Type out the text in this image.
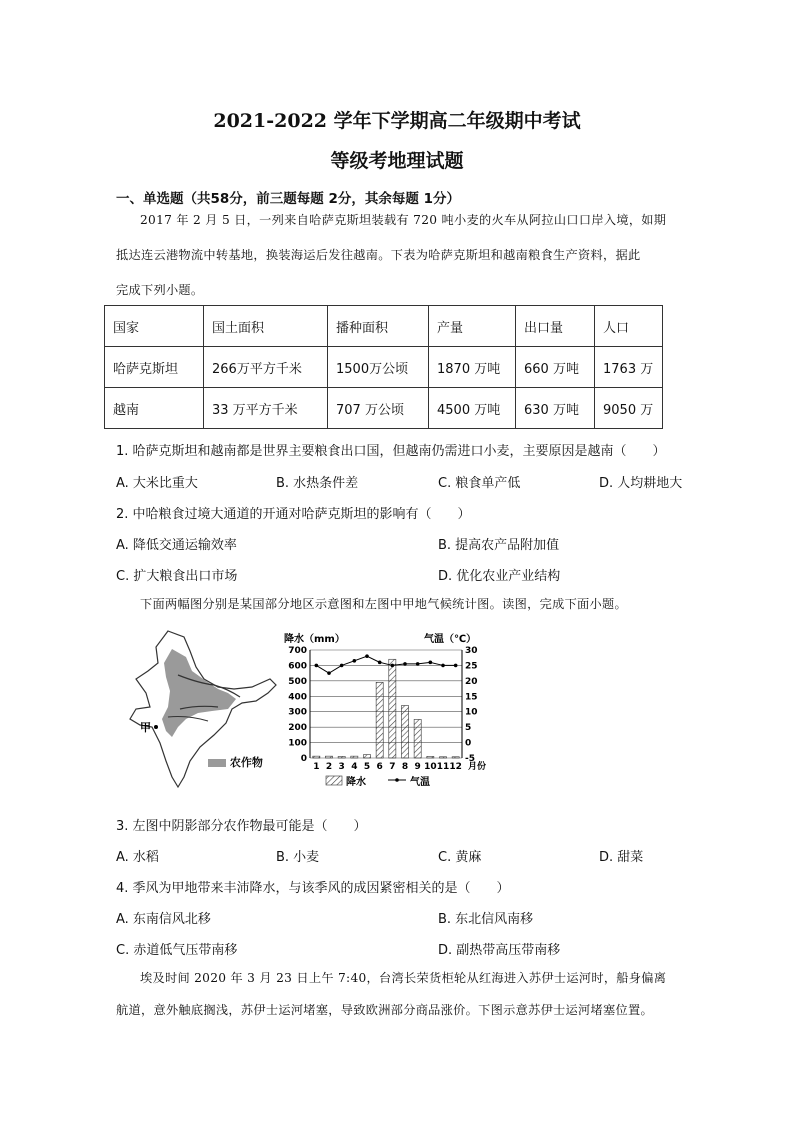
2021-2022 学年下学期高二年级期中考试
等级考地理试题
一、单选题（共58分，前三题每题 2分，其余每题 1分）
2017 年 2 月 5 日，一列来自哈萨克斯坦装载有 720 吨小麦的火车从阿拉山口口岸入境，如期
抵达连云港物流中转基地，换装海运后发往越南。下表为哈萨克斯坦和越南粮食生产资料，据此
完成下列小题。
国家	国土面积	播种面积	产量	出口量	人口
哈萨克斯坦	266万平方千米	1500万公顷	1870 万吨	660 万吨	1763 万
越南	33 万平方千米	707 万公顷	4500 万吨	630 万吨	9050 万
1. 哈萨克斯坦和越南都是世界主要粮食出口国，但越南仍需进口小麦，主要原因是越南（　　）
A. 大米比重大	B. 水热条件差	C. 粮食单产低	D. 人均耕地大
2. 中哈粮食过境大通道的开通对哈萨克斯坦的影响有（　　）
A. 降低交通运输效率	B. 提高农产品附加值
C. 扩大粮食出口市场	D. 优化农业产业结构
下面两幅图分别是某国部分地区示意图和左图中甲地气候统计图。读图，完成下面小题。
甲
农作物
降水（mm）	气温（℃）
0
100
200
300
400
500
600
700
-5
0
5
10
15
20
25
30
1 2 3 4 5 6 7 8 9 10 11 12 月份
降水	气温
3. 左图中阴影部分农作物最可能是（　　）
A. 水稻	B. 小麦	C. 黄麻	D. 甜菜
4. 季风为甲地带来丰沛降水，与该季风的成因紧密相关的是（　　）
A. 东南信风北移	B. 东北信风南移
C. 赤道低气压带南移	D. 副热带高压带南移
埃及时间 2020 年 3 月 23 日上午 7:40，台湾长荣货柜轮从红海进入苏伊士运河时，船身偏离
航道，意外触底搁浅，苏伊士运河堵塞，导致欧洲部分商品涨价。下图示意苏伊士运河堵塞位置。
